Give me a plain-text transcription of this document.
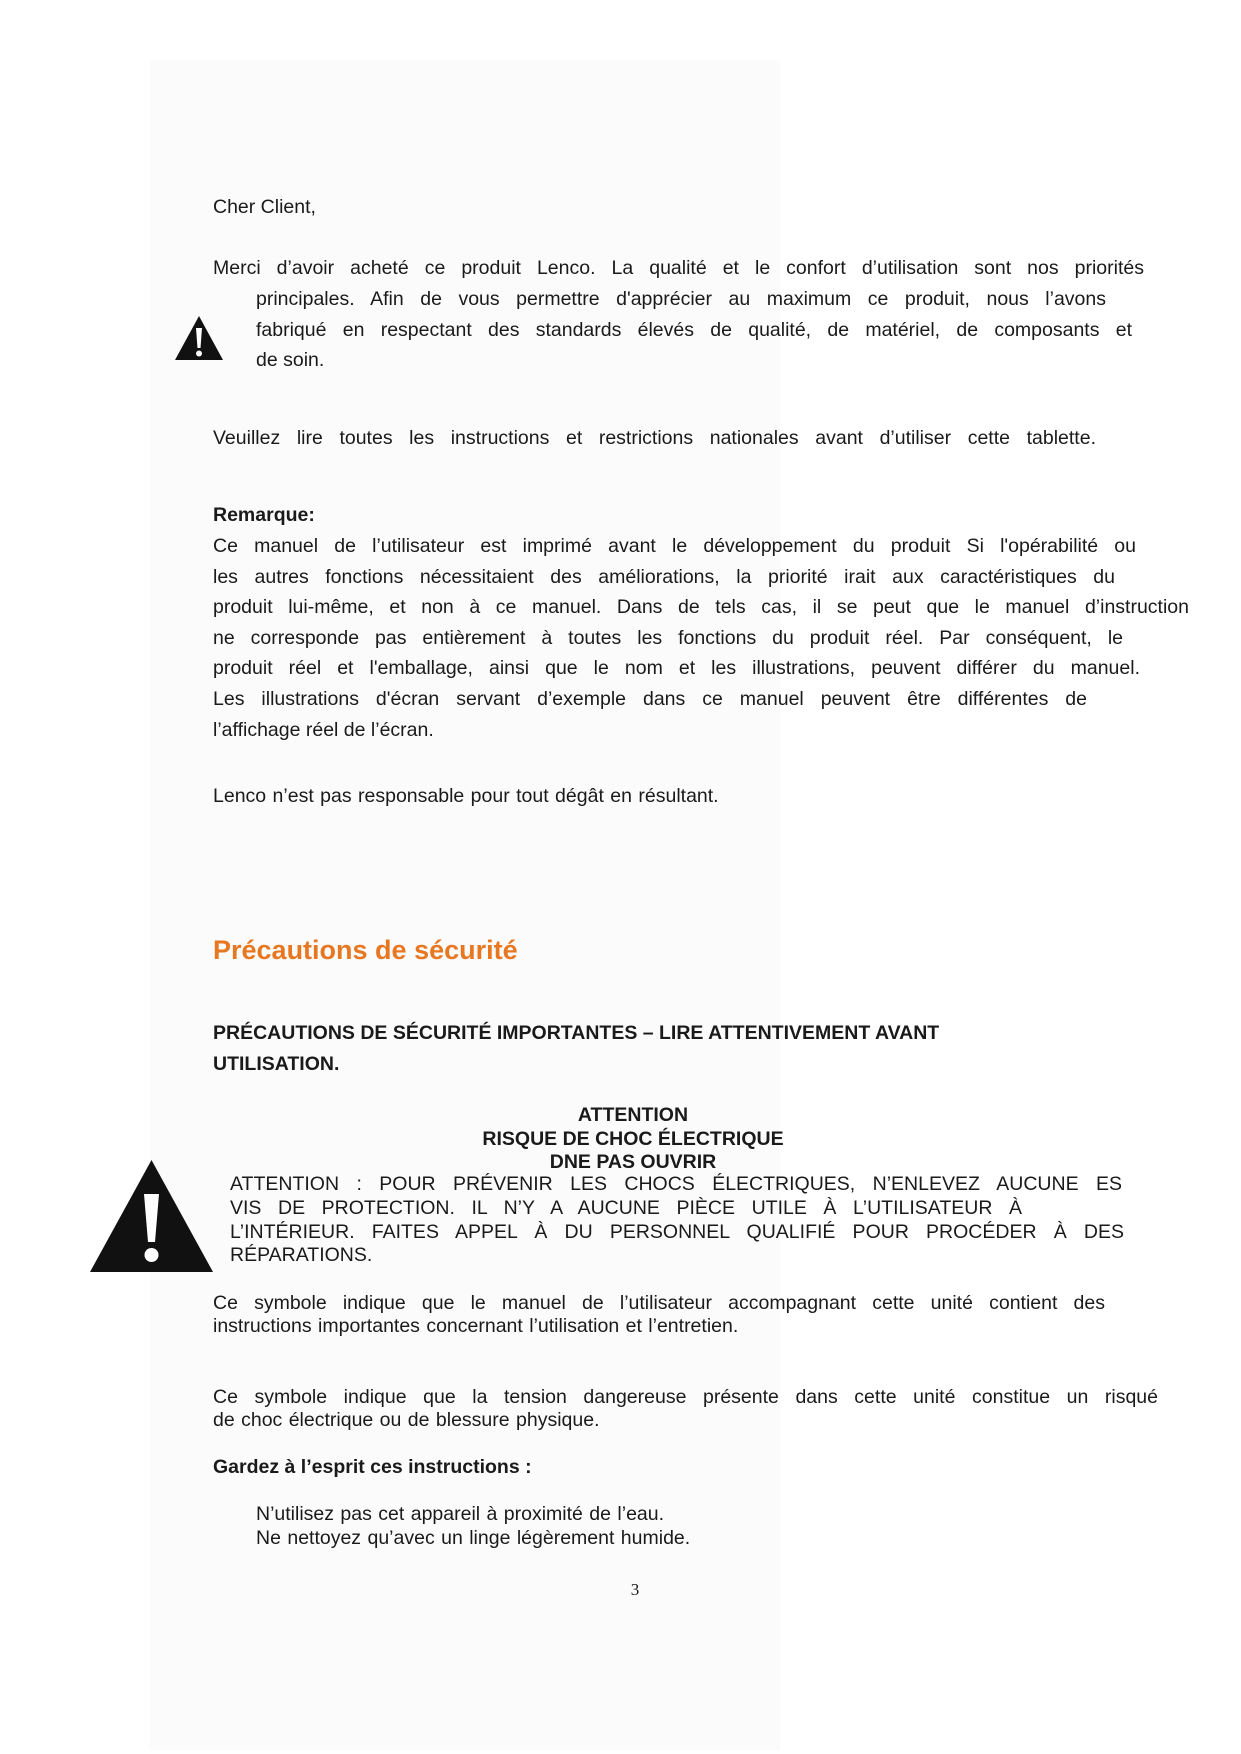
Cher Client,

Merci d’avoir acheté ce produit Lenco. La qualité et le confort d’utilisation sont nos priorités

principales. Afin de vous permettre d'apprécier au maximum ce produit, nous l’avons

fabriqué en respectant des standards élevés de qualité, de matériel, de composants et

de soin.

Veuillez lire toutes les instructions et restrictions nationales avant d’utiliser cette tablette.

Remarque:

Ce manuel de l’utilisateur est imprimé avant le développement du produit Si l'opérabilité ou

les autres fonctions nécessitaient des améliorations, la priorité irait aux caractéristiques du

produit lui-même, et non à ce manuel. Dans de tels cas, il se peut que le manuel d’instruction

ne corresponde pas entièrement à toutes les fonctions du produit réel. Par conséquent, le

produit réel et l'emballage, ainsi que le nom et les illustrations, peuvent différer du manuel.

Les illustrations d'écran servant d’exemple dans ce manuel peuvent être différentes de

l’affichage réel de l’écran.

Lenco n’est pas responsable pour tout dégât en résultant.

Précautions de sécurité

PRÉCAUTIONS DE SÉCURITÉ IMPORTANTES – LIRE ATTENTIVEMENT AVANT

UTILISATION.

ATTENTION

RISQUE DE CHOC ÉLECTRIQUE

DNE PAS OUVRIR

ATTENTION : POUR PRÉVENIR LES CHOCS ÉLECTRIQUES, N’ENLEVEZ AUCUNE ES

VIS DE PROTECTION. IL N’Y A AUCUNE PIÈCE UTILE À L’UTILISATEUR À

L’INTÉRIEUR. FAITES APPEL À DU PERSONNEL QUALIFIÉ POUR PROCÉDER À DES

RÉPARATIONS.

Ce symbole indique que le manuel de l’utilisateur accompagnant cette unité contient des

instructions importantes concernant l’utilisation et l’entretien.

Ce symbole indique que la tension dangereuse présente dans cette unité constitue un risqué

de choc électrique ou de blessure physique.

Gardez à l’esprit ces instructions :

N’utilisez pas cet appareil à proximité de l’eau.

Ne nettoyez qu’avec un linge légèrement humide.

3
